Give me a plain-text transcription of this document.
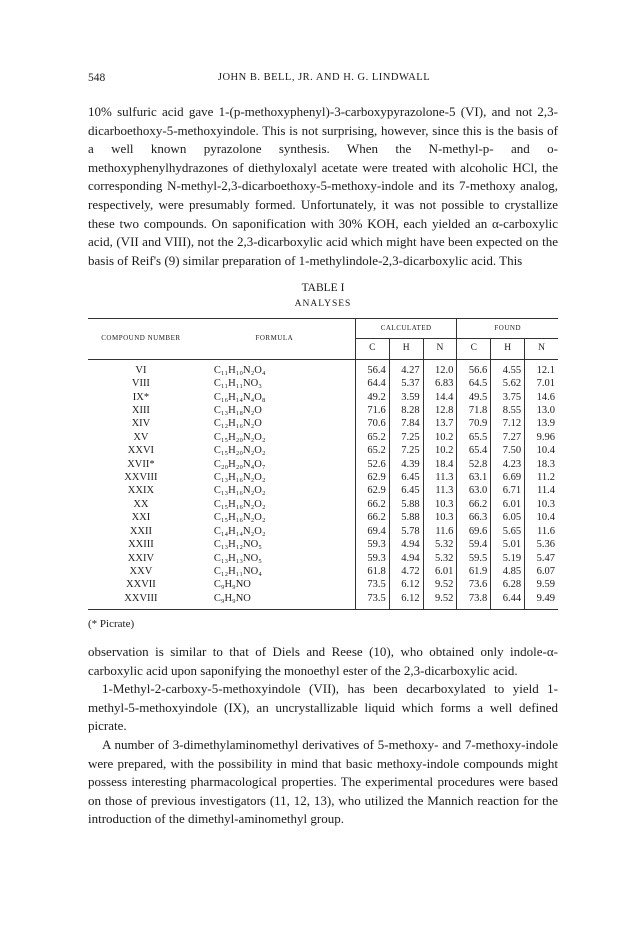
548	JOHN B. BELL, JR. AND H. G. LINDWALL

10% sulfuric acid gave 1-(p-methoxyphenyl)-3-carboxypyrazolone-5 (VI), and not 2,3-dicarboethoxy-5-methoxyindole. This is not surprising, however, since this is the basis of a well known pyrazolone synthesis. When the N-methyl-p- and o-methoxyphenylhydrazones of diethyloxalyl acetate were treated with alcoholic HCl, the corresponding N-methyl-2,3-dicarboethoxy-5-methoxy-indole and its 7-methoxy analog, respectively, were presumably formed. Unfortunately, it was not possible to crystallize these two compounds. On saponification with 30% KOH, each yielded an α-carboxylic acid, (VII and VIII), not the 2,3-dicarboxylic acid which might have been expected on the basis of Reif's (9) similar preparation of 1-methylindole-2,3-dicarboxylic acid. This

TABLE I
ANALYSES
COMPOUND NUMBER	FORMULA	CALCULATED			FOUND		
		C	H	N	C	H	N
VI	C₁₁H₁₀N₂O₄	56.4	4.27	12.0	56.6	4.55	12.1
VIII	C₁₁H₁₁NO₃	64.4	5.37	6.83	64.5	5.62	7.01
IX*	C₁₆H₁₄N₄O₈	49.2	3.59	14.4	49.5	3.75	14.6
XIII	C₁₃H₁₈N₂O	71.6	8.28	12.8	71.8	8.55	13.0
XIV	C₁₂H₁₆N₂O	70.6	7.84	13.7	70.9	7.12	13.9
XV	C₁₅H₂₀N₂O₂	65.2	7.25	10.2	65.5	7.27	9.96
XXVI	C₁₅H₂₀N₂O₂	65.2	7.25	10.2	65.4	7.50	10.4
XVII*	C₂₀H₂₀N₄O₇	52.6	4.39	18.4	52.8	4.23	18.3
XXVIII	C₁₃H₁₆N₂O₂	62.9	6.45	11.3	63.1	6.69	11.2
XXIX	C₁₃H₁₆N₂O₂	62.9	6.45	11.3	63.0	6.71	11.4
XX	C₁₅H₁₆N₂O₂	66.2	5.88	10.3	66.2	6.01	10.3
XXI	C₁₅H₁₆N₂O₂	66.2	5.88	10.3	66.3	6.05	10.4
XXII	C₁₄H₁₄N₂O₂	69.4	5.78	11.6	69.6	5.65	11.6
XXIII	C₁₃H₁₂NO₅	59.3	4.94	5.32	59.4	5.01	5.36
XXIV	C₁₃H₁₃NO₅	59.3	4.94	5.32	59.5	5.19	5.47
XXV	C₁₂H₁₁NO₄	61.8	4.72	6.01	61.9	4.85	6.07
XXVII	C₉H₉NO	73.5	6.12	9.52	73.6	6.28	9.59
XXVIII	C₉H₉NO	73.5	6.12	9.52	73.8	6.44	9.49
(* Picrate)

observation is similar to that of Diels and Reese (10), who obtained only indole-α-carboxylic acid upon saponifying the monoethyl ester of the 2,3-dicarboxylic acid.

1-Methyl-2-carboxy-5-methoxyindole (VII), has been decarboxylated to yield 1-methyl-5-methoxyindole (IX), an uncrystallizable liquid which forms a well defined picrate.

A number of 3-dimethylaminomethyl derivatives of 5-methoxy- and 7-methoxy-indole were prepared, with the possibility in mind that basic methoxy-indole compounds might possess interesting pharmacological properties. The experimental procedures were based on those of previous investigators (11, 12, 13), who utilized the Mannich reaction for the introduction of the dimethyl-aminomethyl group.
